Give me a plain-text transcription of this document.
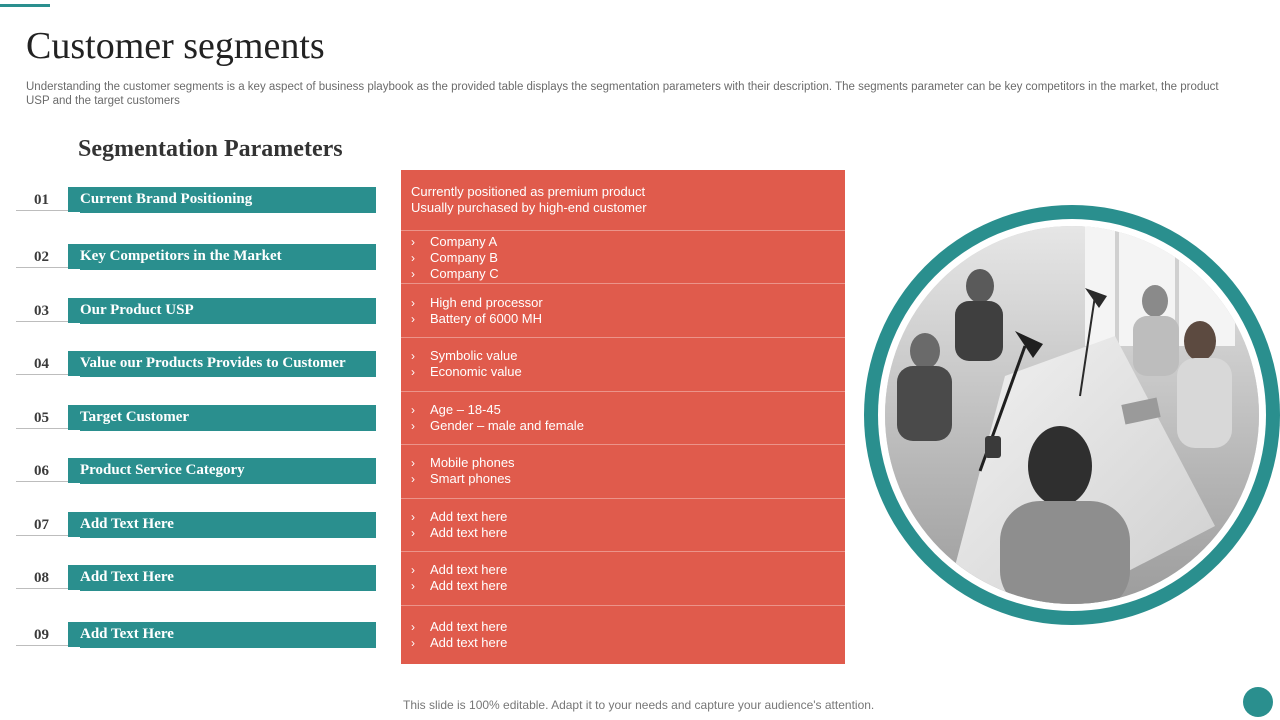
Customer segments

Understanding the customer segments is a key aspect of business playbook as the provided table displays the segmentation parameters with their description. The segments parameter can be key competitors in the market, the product USP and the target customers

Segmentation Parameters
01 Current Brand Positioning
02 Key Competitors in the Market
03 Our Product USP
04 Value our Products Provides to Customer
05 Target Customer
06 Product Service Category
07 Add Text Here
08 Add Text Here
09 Add Text Here
Currently positioned as premium product
Usually purchased by high-end customer
› Company A
› Company B
› Company C
› High end processor
› Battery of 6000 MH
› Symbolic value
› Economic value
› Age – 18-45
› Gender – male and female
› Mobile phones
› Smart phones
› Add text here
› Add text here
› Add text here
› Add text here
› Add text here
› Add text here
This slide is 100% editable. Adapt it to your needs and capture your audience's attention.
